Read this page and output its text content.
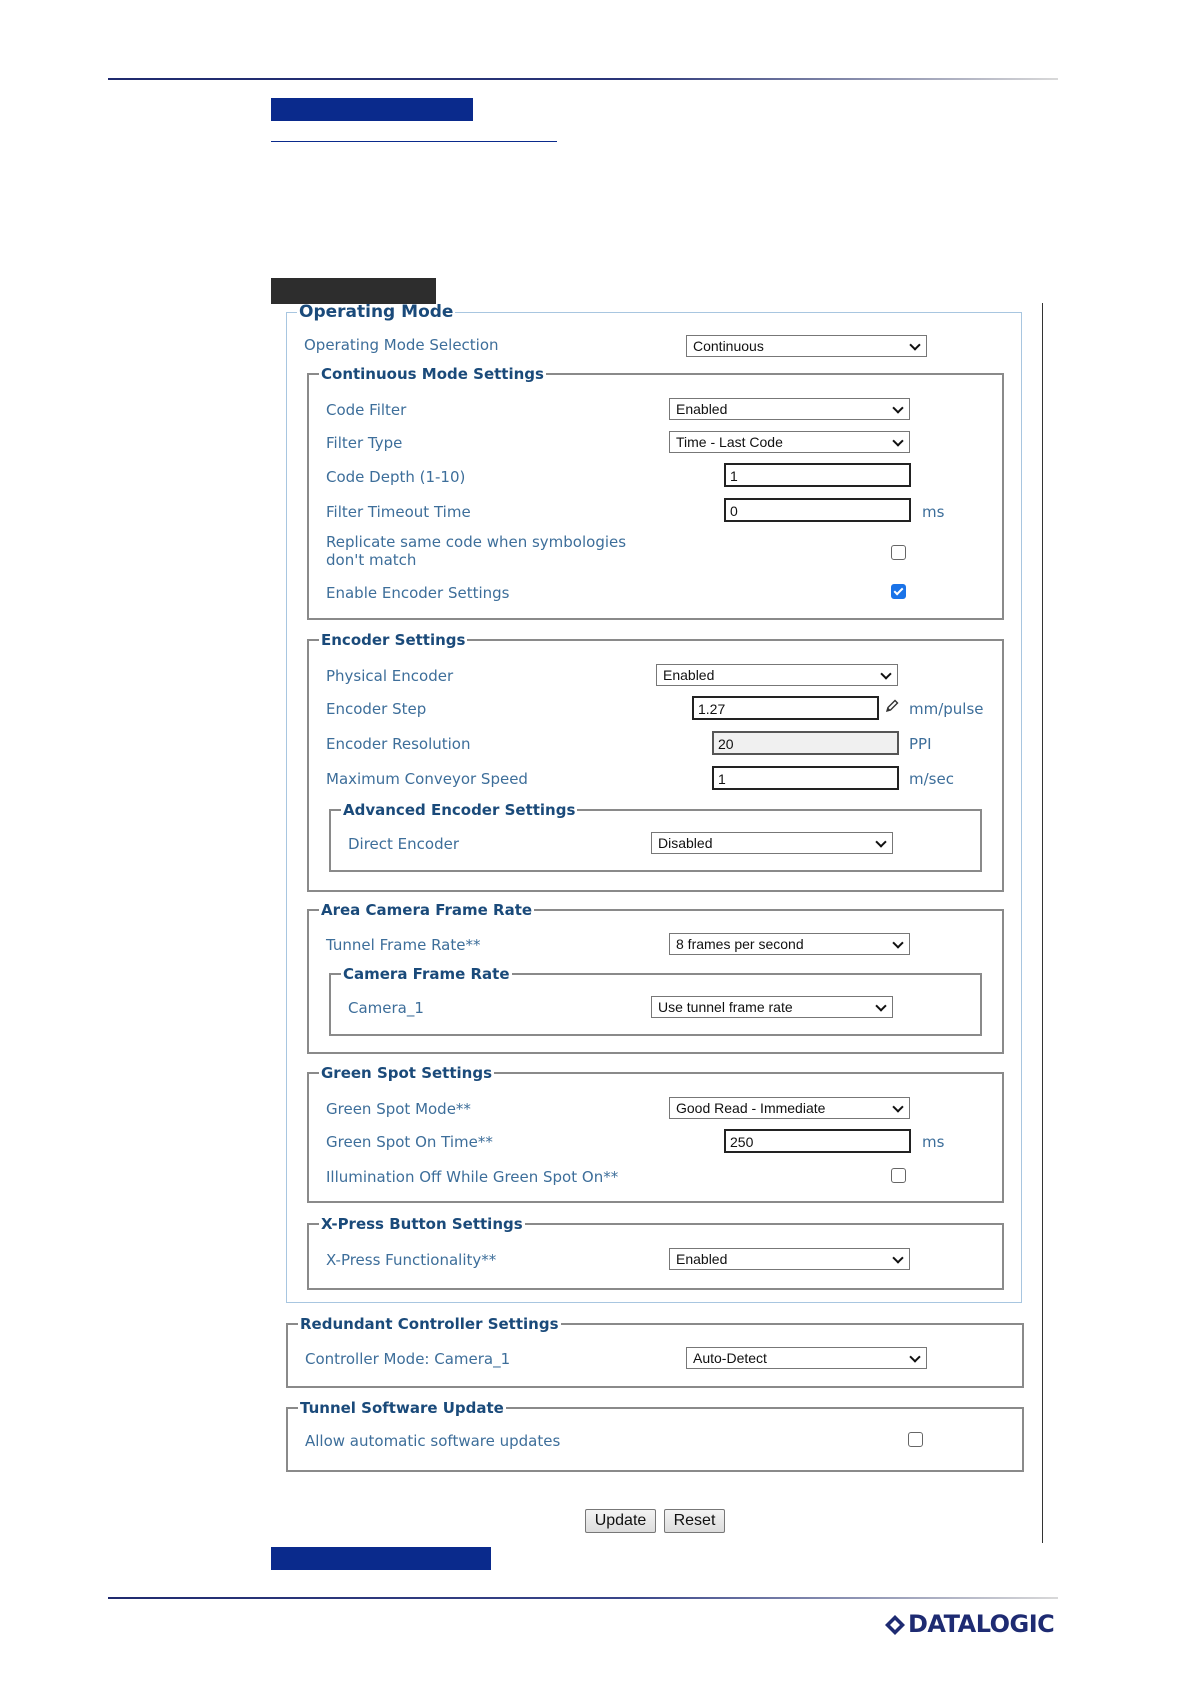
Operating Mode
Operating Mode Selection	Continuous
Continuous Mode Settings
Code Filter	Enabled
Filter Type	Time - Last Code
Code Depth (1-10)	1
Filter Timeout Time	0	ms
Replicate same code when symbologies don't match
Enable Encoder Settings
Encoder Settings
Physical Encoder	Enabled
Encoder Step	1.27	mm/pulse
Encoder Resolution	20	PPI
Maximum Conveyor Speed	1	m/sec
Advanced Encoder Settings
Direct Encoder	Disabled
Area Camera Frame Rate
Tunnel Frame Rate**	8 frames per second
Camera Frame Rate
Camera_1	Use tunnel frame rate
Green Spot Settings
Green Spot Mode**	Good Read - Immediate
Green Spot On Time**	250	ms
Illumination Off While Green Spot On**
X-Press Button Settings
X-Press Functionality**	Enabled
Redundant Controller Settings
Controller Mode: Camera_1	Auto-Detect
Tunnel Software Update
Allow automatic software updates
Update	Reset
DATALOGIC
